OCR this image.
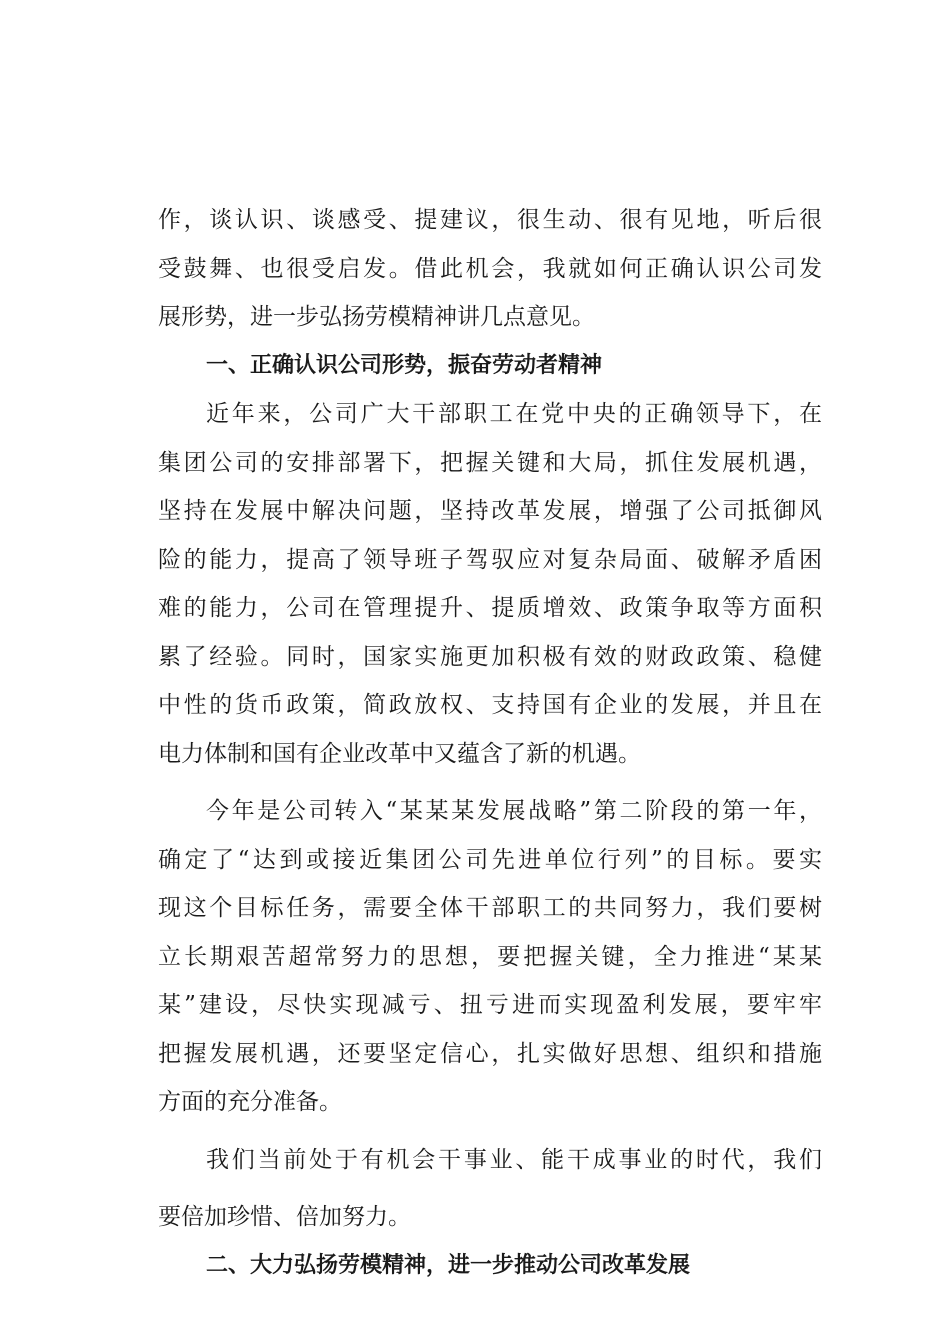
作，谈认识、谈感受、提建议，很生动、很有见地，听后很
受鼓舞、也很受启发。借此机会，我就如何正确认识公司发
展形势，进一步弘扬劳模精神讲几点意见。
一、正确认识公司形势，振奋劳动者精神
近年来，公司广大干部职工在党中央的正确领导下，在
集团公司的安排部署下，把握关键和大局，抓住发展机遇，
坚持在发展中解决问题，坚持改革发展，增强了公司抵御风
险的能力，提高了领导班子驾驭应对复杂局面、破解矛盾困
难的能力，公司在管理提升、提质增效、政策争取等方面积
累了经验。同时，国家实施更加积极有效的财政政策、稳健
中性的货币政策，简政放权、支持国有企业的发展，并且在
电力体制和国有企业改革中又蕴含了新的机遇。
今年是公司转入“某某某发展战略”第二阶段的第一年，
确定了“达到或接近集团公司先进单位行列”的目标。要实
现这个目标任务，需要全体干部职工的共同努力，我们要树
立长期艰苦超常努力的思想，要把握关键，全力推进“某某
某”建设，尽快实现减亏、扭亏进而实现盈利发展，要牢牢
把握发展机遇，还要坚定信心，扎实做好思想、组织和措施
方面的充分准备。
我们当前处于有机会干事业、能干成事业的时代，我们
要倍加珍惜、倍加努力。
二、大力弘扬劳模精神，进一步推动公司改革发展
